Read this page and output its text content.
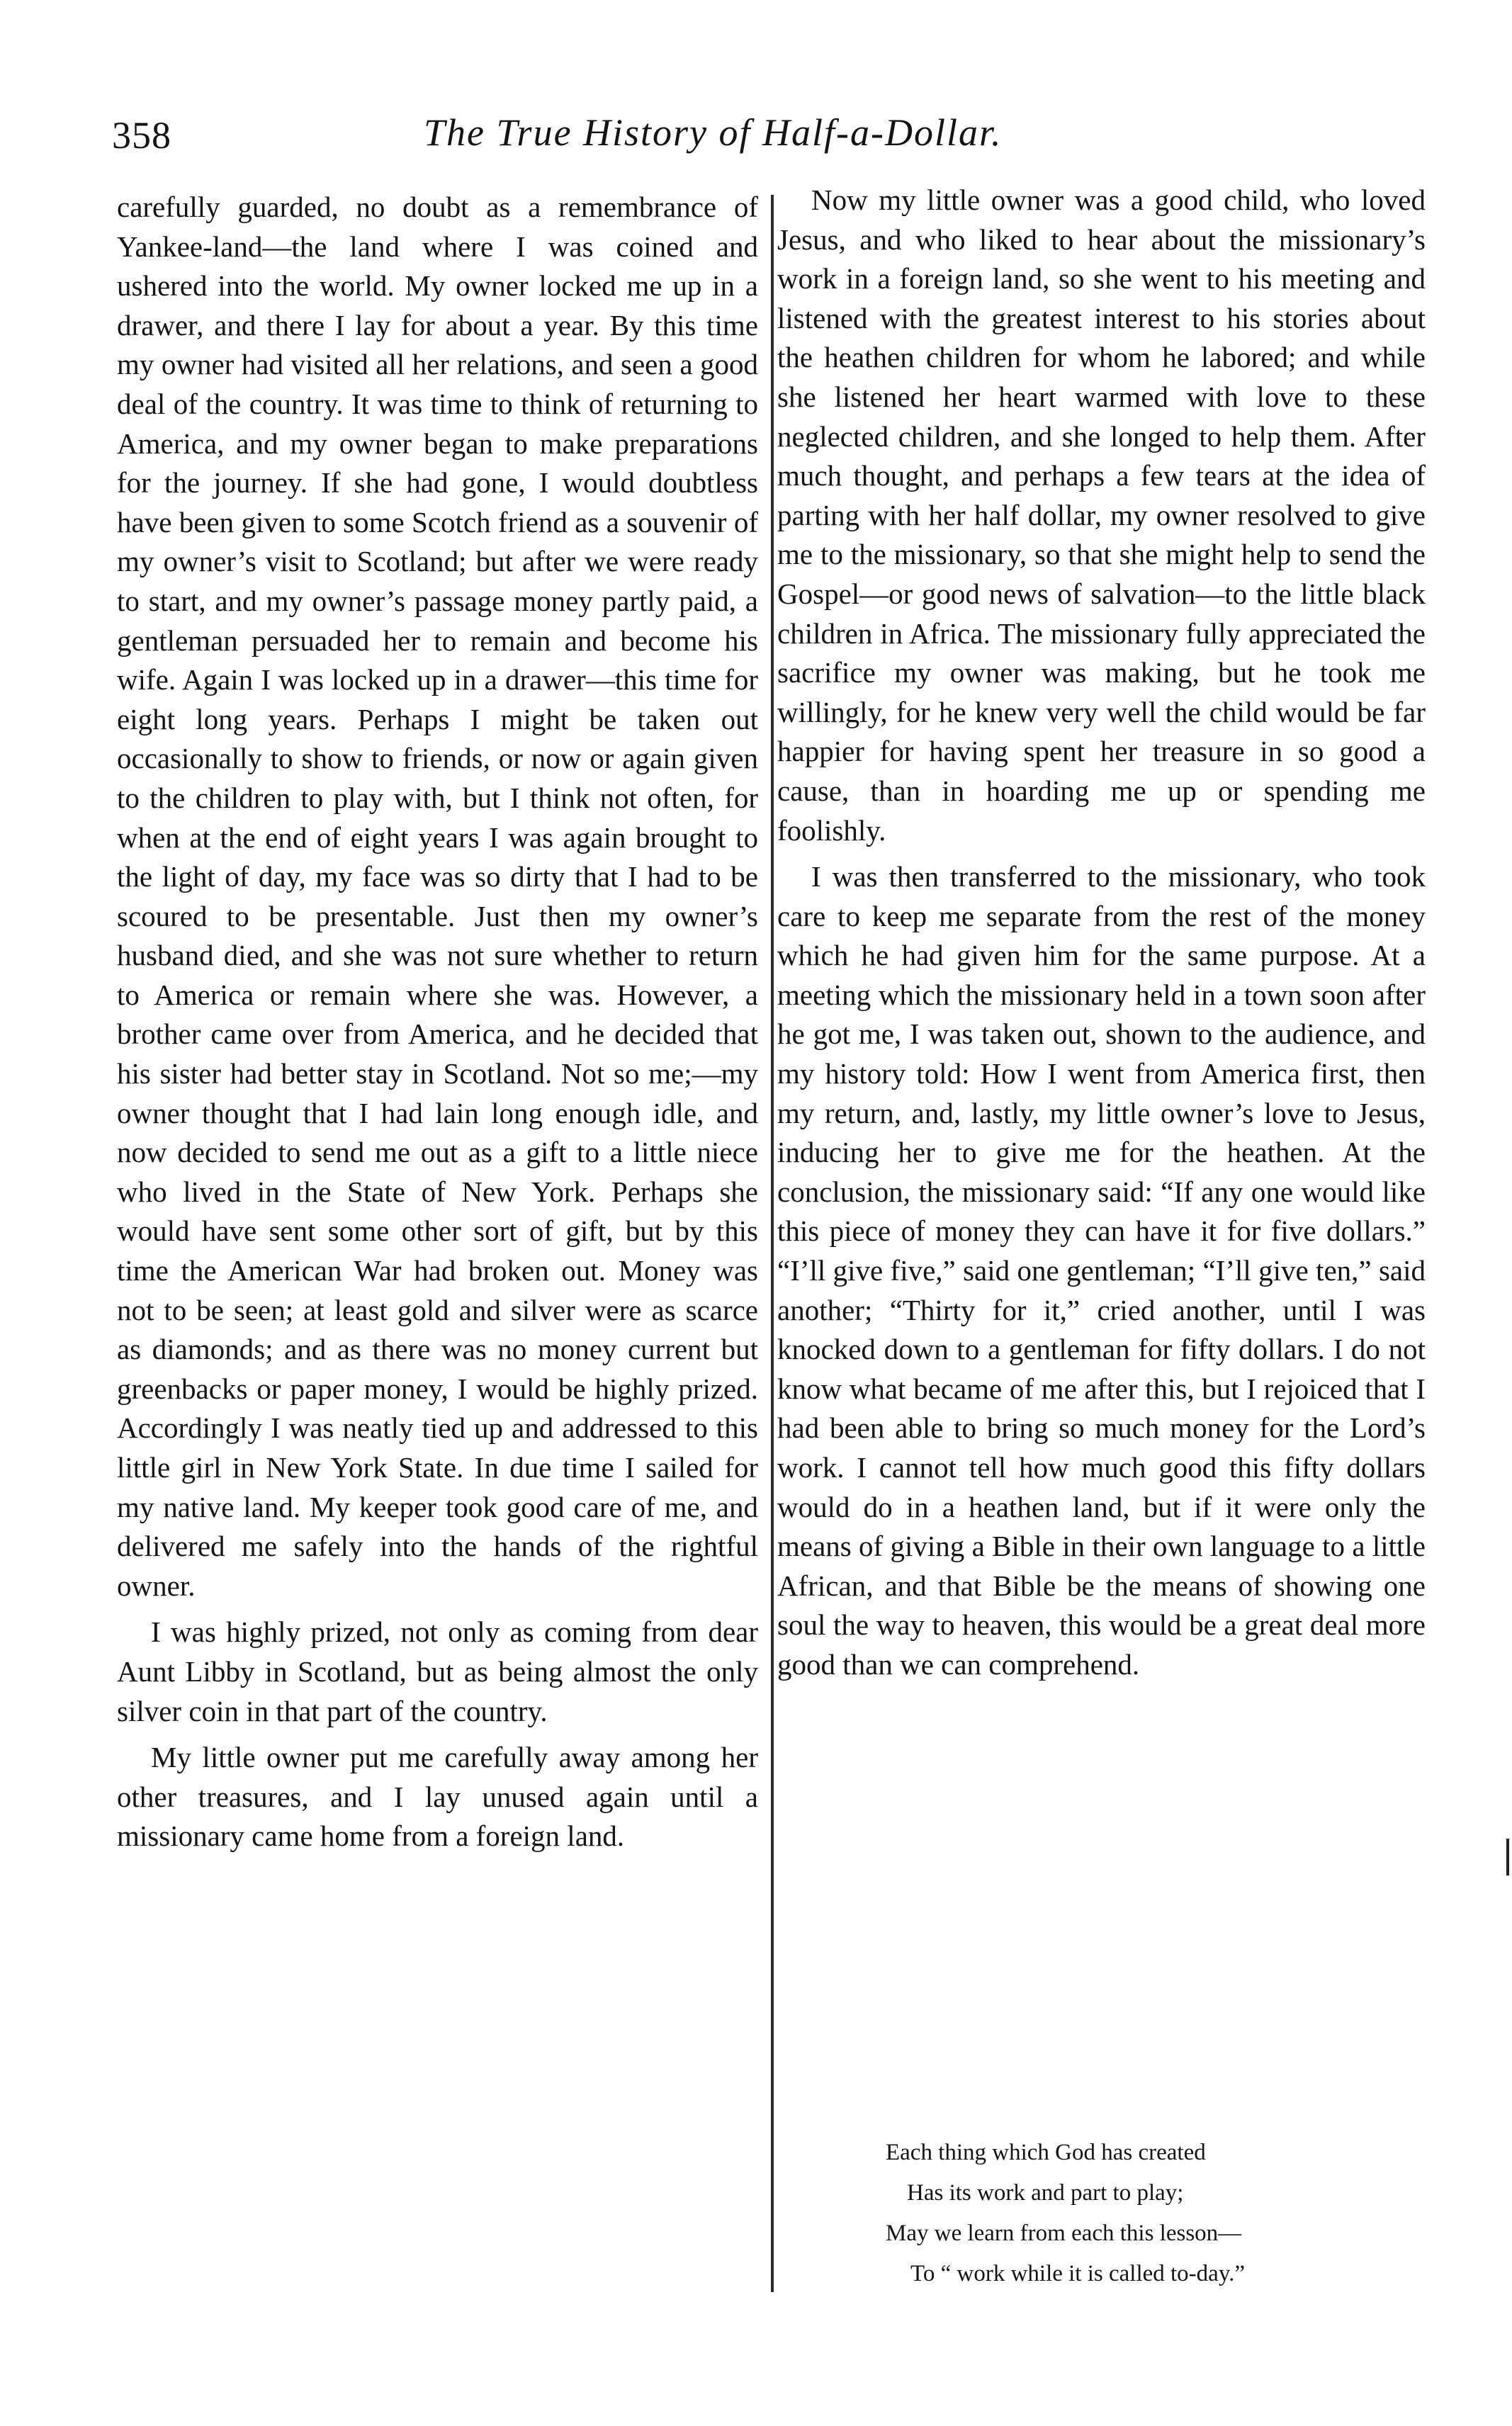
358	The True History of Half-a-Dollar.

carefully guarded, no doubt as a remembrance of Yankee-land—the land where I was coined and ushered into the world. My owner locked me up in a drawer, and there I lay for about a year. By this time my owner had visited all her relations, and seen a good deal of the country. It was time to think of returning to America, and my owner began to make preparations for the journey. If she had gone, I would doubtless have been given to some Scotch friend as a souvenir of my owner’s visit to Scotland; but after we were ready to start, and my owner’s passage money partly paid, a gentleman persuaded her to remain and become his wife. Again I was locked up in a drawer—this time for eight long years. Perhaps I might be taken out occasionally to show to friends, or now or again given to the children to play with, but I think not often, for when at the end of eight years I was again brought to the light of day, my face was so dirty that I had to be scoured to be presentable. Just then my owner’s husband died, and she was not sure whether to return to America or remain where she was. However, a brother came over from America, and he decided that his sister had better stay in Scotland. Not so me;—my owner thought that I had lain long enough idle, and now decided to send me out as a gift to a little niece who lived in the State of New York. Perhaps she would have sent some other sort of gift, but by this time the American War had broken out. Money was not to be seen; at least gold and silver were as scarce as diamonds; and as there was no money current but greenbacks or paper money, I would be highly prized. Accordingly I was neatly tied up and addressed to this little girl in New York State. In due time I sailed for my native land. My keeper took good care of me, and delivered me safely into the hands of the rightful owner.

I was highly prized, not only as coming from dear Aunt Libby in Scotland, but as being almost the only silver coin in that part of the country.

My little owner put me carefully away among her other treasures, and I lay unused again until a missionary came home from a foreign land.

Now my little owner was a good child, who loved Jesus, and who liked to hear about the missionary’s work in a foreign land, so she went to his meeting and listened with the greatest interest to his stories about the heathen children for whom he labored; and while she listened her heart warmed with love to these neglected children, and she longed to help them. After much thought, and perhaps a few tears at the idea of parting with her half dollar, my owner resolved to give me to the missionary, so that she might help to send the Gospel—or good news of salvation—to the little black children in Africa. The missionary fully appreciated the sacrifice my owner was making, but he took me willingly, for he knew very well the child would be far happier for having spent her treasure in so good a cause, than in hoarding me up or spending me foolishly.

I was then transferred to the missionary, who took care to keep me separate from the rest of the money which he had given him for the same purpose. At a meeting which the missionary held in a town soon after he got me, I was taken out, shown to the audience, and my history told: How I went from America first, then my return, and, lastly, my little owner’s love to Jesus, inducing her to give me for the heathen. At the conclusion, the missionary said: “If any one would like this piece of money they can have it for five dollars.” “I’ll give five,” said one gentleman; “I’ll give ten,” said another; “Thirty for it,” cried another, until I was knocked down to a gentleman for fifty dollars. I do not know what became of me after this, but I rejoiced that I had been able to bring so much money for the Lord’s work. I cannot tell how much good this fifty dollars would do in a heathen land, but if it were only the means of giving a Bible in their own language to a little African, and that Bible be the means of showing one soul the way to heaven, this would be a great deal more good than we can comprehend.

Each thing which God has created
Has its work and part to play;
May we learn from each this lesson—
To “ work while it is called to-day.”
